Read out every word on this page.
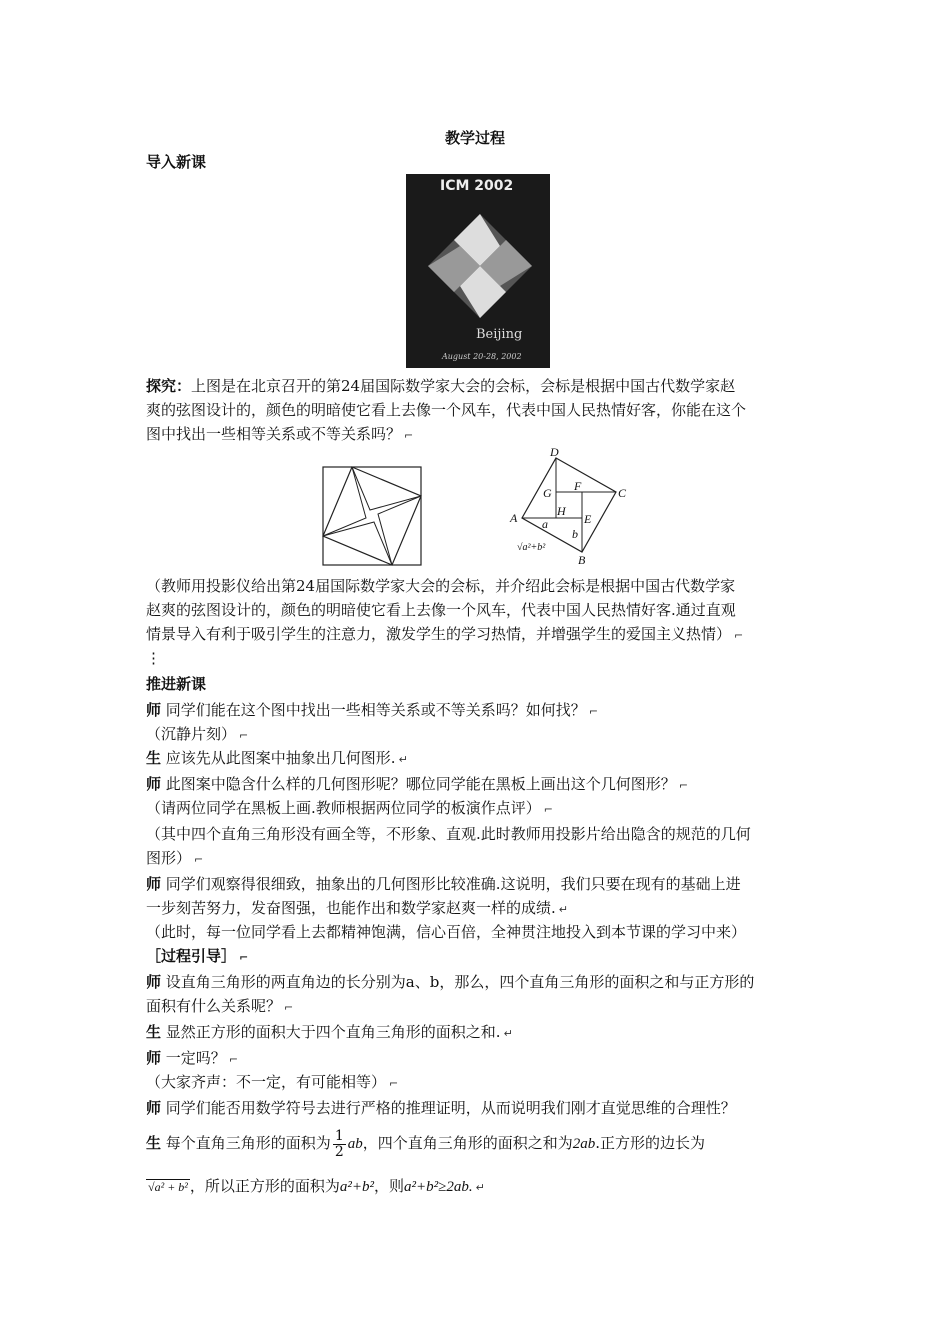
教学过程
导入新课
ICM 2002
Beijing
August 20-28, 2002
探究：上图是在北京召开的第24届国际数学家大会的会标，会标是根据中国古代数学家赵
爽的弦图设计的，颜色的明暗使它看上去像一个风车，代表中国人民热情好客，你能在这个
图中找出一些相等关系或不等关系吗？ ⌐
D
G F	C
H
E
A a
b
B
√a²+b²
（教师用投影仪给出第24届国际数学家大会的会标，并介绍此会标是根据中国古代数学家
赵爽的弦图设计的，颜色的明暗使它看上去像一个风车，代表中国人民热情好客.通过直观
情景导入有利于吸引学生的注意力，激发学生的学习热情，并增强学生的爱国主义热情） ⌐
⋮
推进新课
师 同学们能在这个图中找出一些相等关系或不等关系吗？如何找？ ⌐
（沉静片刻） ⌐
生 应该先从此图案中抽象出几何图形. ↵
师 此图案中隐含什么样的几何图形呢？哪位同学能在黑板上画出这个几何图形？ ⌐
（请两位同学在黑板上画.教师根据两位同学的板演作点评） ⌐
（其中四个直角三角形没有画全等，不形象、直观.此时教师用投影片给出隐含的规范的几何
图形） ⌐
师 同学们观察得很细致，抽象出的几何图形比较准确.这说明，我们只要在现有的基础上进
一步刻苦努力，发奋图强，也能作出和数学家赵爽一样的成绩. ↵
（此时，每一位同学看上去都精神饱满，信心百倍，全神贯注地投入到本节课的学习中来）
［过程引导］ ⌐
师 设直角三角形的两直角边的长分别为a、b，那么，四个直角三角形的面积之和与正方形的
面积有什么关系呢？ ⌐
生 显然正方形的面积大于四个直角三角形的面积之和. ↵
师 一定吗？ ⌐
（大家齐声：不一定，有可能相等） ⌐
师 同学们能否用数学符号去进行严格的推理证明，从而说明我们刚才直觉思维的合理性？
生 每个直角三角形的面积为 $\frac{1}{2}$ ab，四个直角三角形的面积之和为2ab.正方形的边长为
√a² + b² ，所以正方形的面积为a²+b²，则a²+b²≥2ab. ↵
